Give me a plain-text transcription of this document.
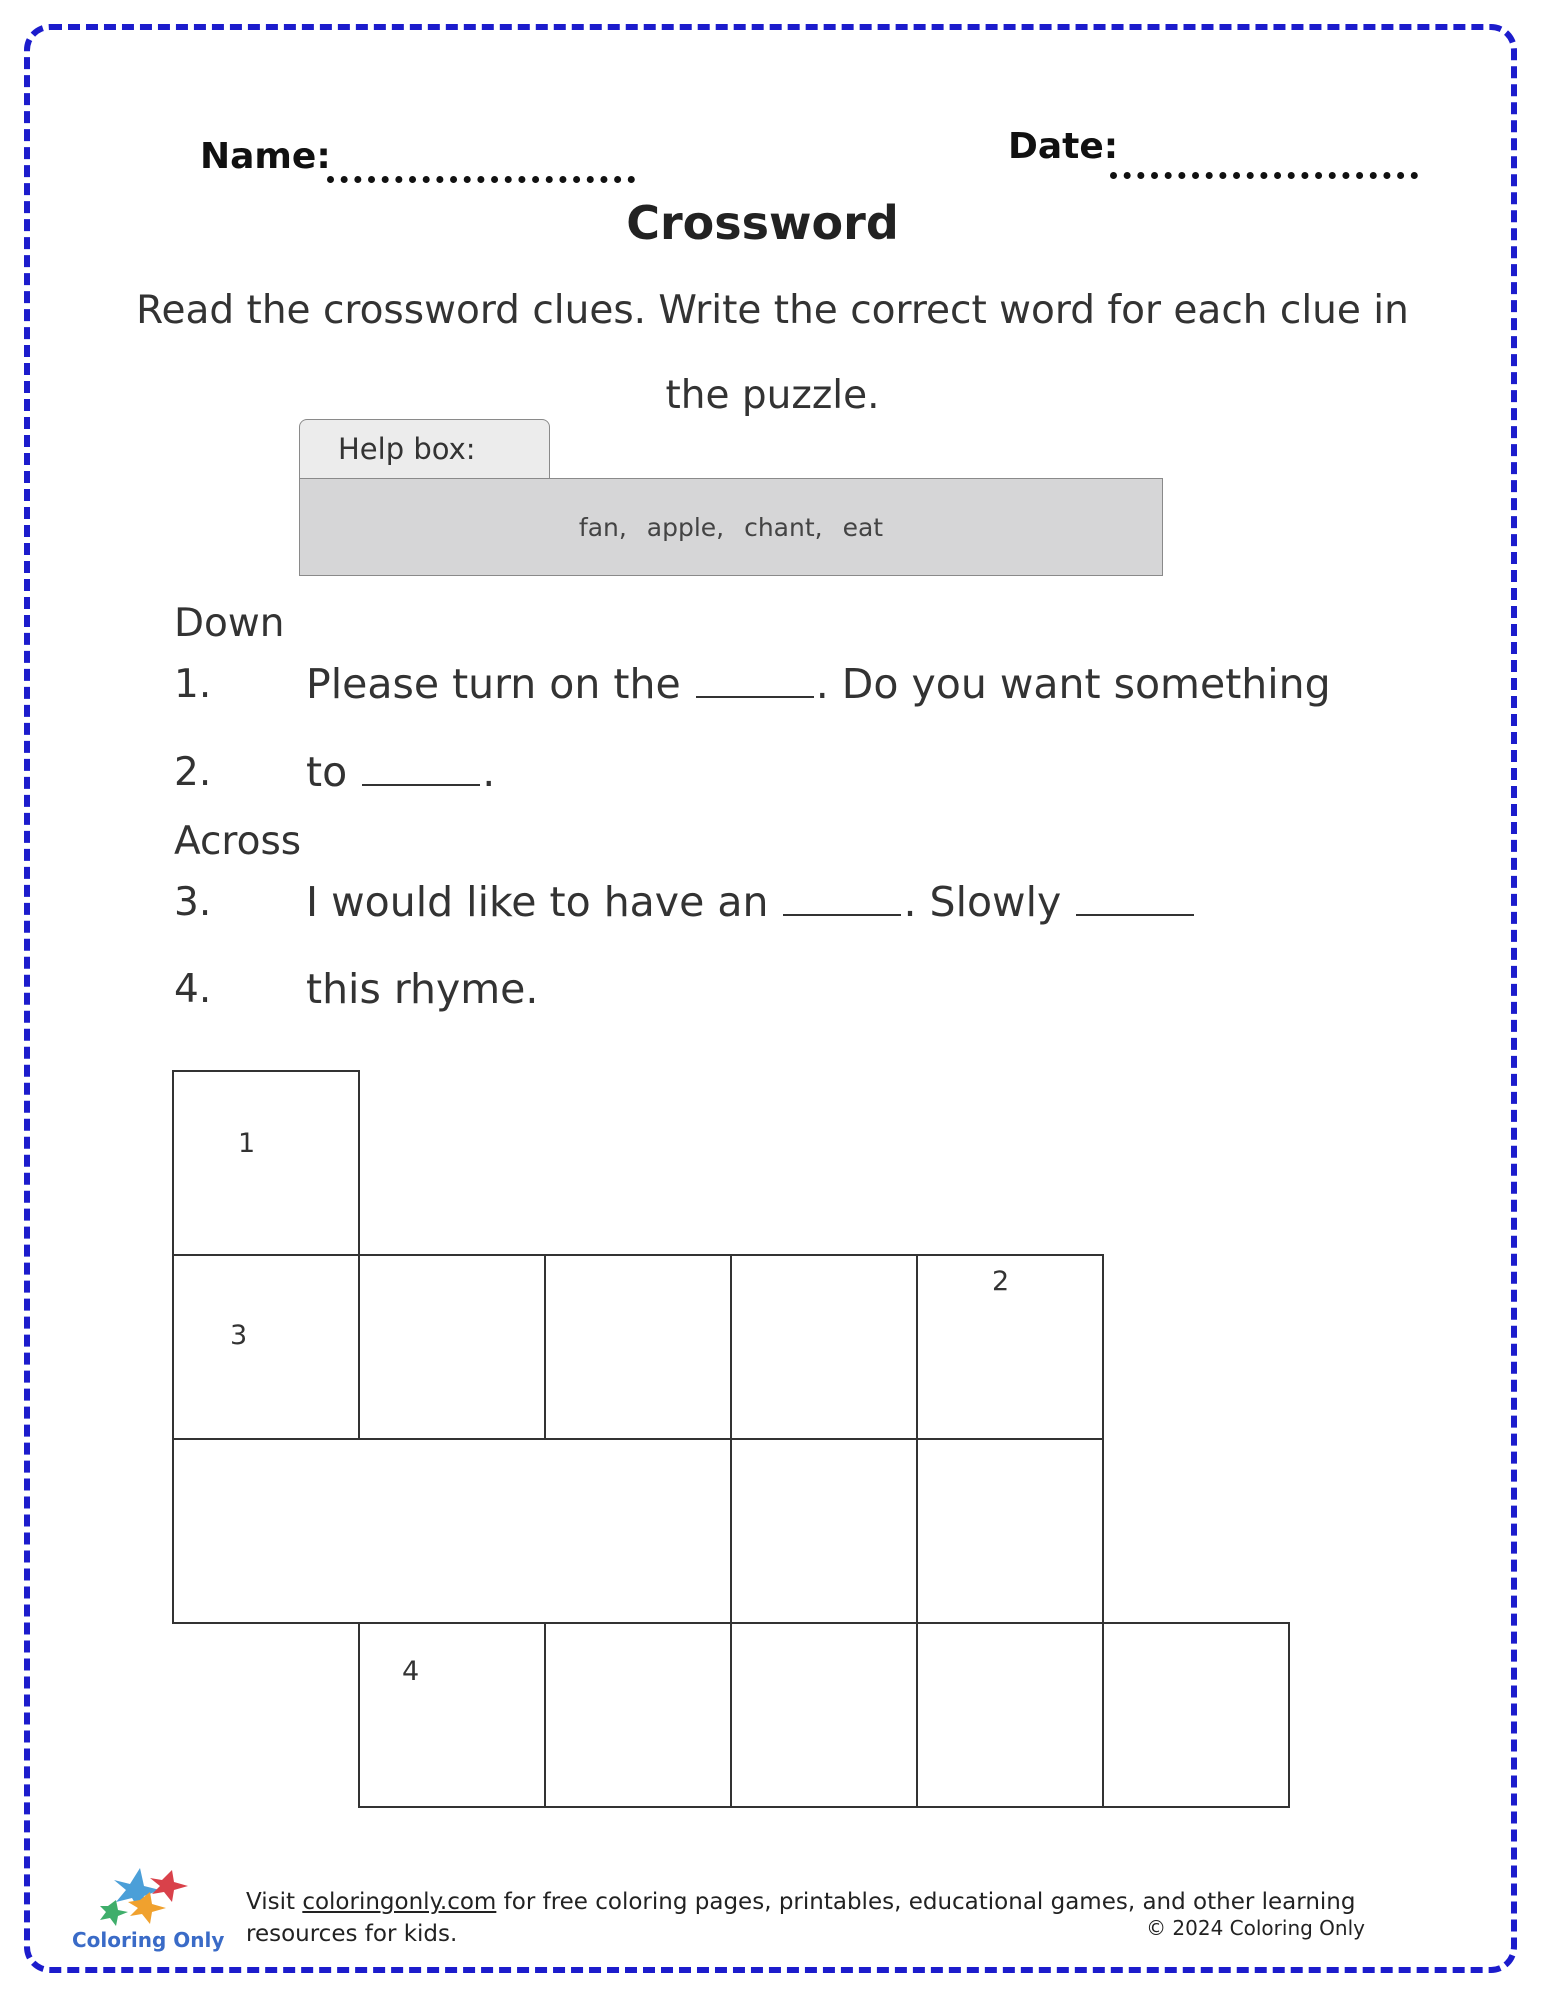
Name:	Date:
Crossword
Read the crossword clues. Write the correct word for each clue in the puzzle.
Help box:
fan, apple, chant, eat
Down
1. Please turn on the	. Do you want something
2. to	.
Across
3. I would like to have an	. Slowly
4. this rhyme.
1
2
3
4
Coloring Only
Visit coloringonly.com for free coloring pages, printables, educational games, and other learning resources for kids.	© 2024 Coloring Only
